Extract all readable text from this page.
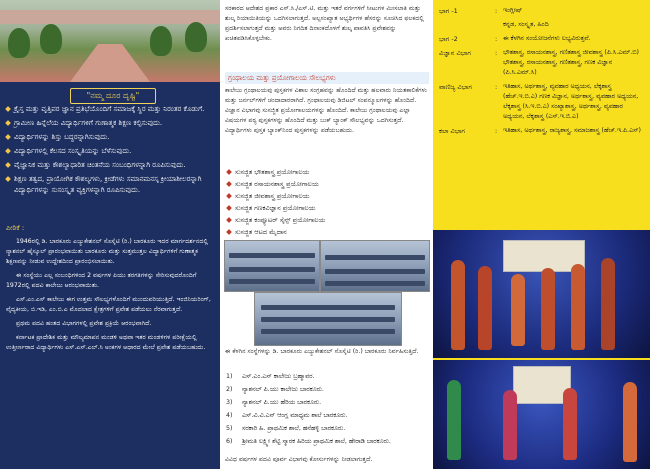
"ನಮ್ಮ ದೂರ ದೃಷ್ಟಿ"
ಕ್ರೈಸ್ತ ಮತ್ತು ವೃತ್ತಿಪರ ಜ್ಞಾನ ಪ್ರತಿಭೆಯೊಂದಿಗೆ ಸಮಾಜಕ್ಕೆ ಸ್ಥಿರ ಮತ್ತು ನಿರಂತರ ಕೊಡುಗೆ.
ಗ್ರಾಮೀಣ ಹಿನ್ನೆಲೆಯ ವಿದ್ಯಾರ್ಥಿಗಳಿಗೆ ಗುಣಾತ್ಮಕ ಶಿಕ್ಷಣ ಕಲ್ಪಿಸುವುದು.
ವಿದ್ಯಾರ್ಥಿಗಳನ್ನು ಶಿಸ್ತು ಬದ್ಧರನ್ನಾಗಿಸುವುದು.
ವಿದ್ಯಾರ್ಥಿಗಳಲ್ಲಿ ಕೆಲಸದ ಸಂಸ್ಕೃತಿಯನ್ನು ಬೆಳೆಸುವುದು.
ವೈಜ್ಞಾನಿಕ ಮತ್ತು ಕೌಶಲ್ಯಾಧಾರಿತ ಚಿಂತನೆಯ ಸಂಬಂಧಿಗಳನ್ನಾಗಿ ರೂಪಿಸುವುದು.
ಶಿಕ್ಷಣ ತತ್ವದ, ಪ್ರಾಯೋಗಿಕ ಕೌಶಲ್ಯಗಳು, ಕ್ರೀಡೆಗಳು ಸಮಾನಮನಸ್ಕ ಕ್ರೀಯಾಶೀಲರನ್ನಾಗಿ ವಿದ್ಯಾರ್ಥಿಗಳನ್ನು ಸುಸಂಸ್ಕೃತ ವ್ಯಕ್ತಿಗಳನ್ನಾಗಿ ರೂಪಿಸುವುದು.
ಪೀಠಿಕೆ :

1946ರಲ್ಲಿ ಡಿ. ಬಾರಕೂರು ಎಜ್ಯುಕೇಶನಲ್ ಸೊಸೈಟಿ (ರಿ.) ಬಾರಕೂರು ಇದರ ಮಾರ್ಗದರ್ಶನದಲ್ಲಿ ನ್ಯಾಶನಲ್ ಹೈಸ್ಕೂಲ್ ಪ್ರಾರಂಭವಾಯಿತು ಬಾರಕೂರು ಮತ್ತು ಸುತ್ತಮುತ್ತಲ ವಿದ್ಯಾರ್ಥಿಗಳಿಗೆ ಗುಣಾತ್ಮಕ ಶಿಕ್ಷಣವನ್ನು ನೀಡುವ ಉದ್ದೇಶದಿಂದ ಪ್ರಾರಂಭಿಸಲಾಯಿತು.

ಈ ಸಂಸ್ಥೆಯು ಎಲ್ಲ ಸಂಬಂಧಿಗಳಿಂದ 2 ವರ್ಷಗಳ ಪಿಯು ತರಗತಿಗಳನ್ನು ಸೇರಿಸುವುದರೊಂದಿಗೆ 1972ರಲ್ಲಿ ಪದವಿ ಕಾಲೇಜು ಆರಂಭವಾಯಿತು.

ಎಸ್.ಎಂ.ಎಸ್ ಕಾಲೇಜು ಈಗ ಉತ್ತಮ ಸೌಲಭ್ಯಗಳೊಂದಿಗೆ ಮುಂದುವರಿಯುತ್ತಿದೆ. ಇಂಜಿನಿಯರಿಂಗ್, ವೈದ್ಯಕೀಯ, ಬಿ.ಇಡಿ, ಎಂ.ಬಿ.ಎ ಮೊದಲಾದ ಕ್ಷೇತ್ರಗಳಿಗೆ ಪ್ರವೇಶ ಪಡೆಯಲು ನೆರವಾಗುತ್ತದೆ.

ಪ್ರಥಮ ಪದವಿ ಹಂತದ ವಿಭಾಗಗಳಲ್ಲಿ ಪ್ರವೇಶ ಪ್ರಕ್ರಿಯೆ ಆರಂಭವಾಗಿದೆ.

ಕರ್ನಾಟಕ ಪ್ರಾದೇಶಿಕ ಮತ್ತು ಮೌಲ್ಯಮಾಪನ ಮಂಡಳಿ ಅಥವಾ ಇತರ ಮಂಡಳಿಗಳ ಪರೀಕ್ಷೆಯಲ್ಲಿ ಉತ್ತೀರ್ಣರಾದ ವಿದ್ಯಾರ್ಥಿಗಳು ಎಸ್.ಎಸ್.ಎಲ್.ಸಿ ಅಂಕಗಳ ಆಧಾರದ ಮೇಲೆ ಪ್ರವೇಶ ಪಡೆಯಬಹುದು.

ಸರಕಾರದ ಆದೇಶದ ಪ್ರಕಾರ ಎಸ್.ಸಿ./ಎಸ್.ಟಿ. ಮತ್ತು ಇತರೆ ವರ್ಗಗಳಿಗೆ ಸೀಟುಗಳ ಮೀಸಲಾತಿ ಮತ್ತು ಶುಲ್ಕ ರಿಯಾಯಿತಿಯನ್ನು ಒದಗಿಸಲಾಗುತ್ತದೆ. ಅಲ್ಪಸಂಖ್ಯಾತ ಅಭ್ಯರ್ಥಿಗಳ ಹೆಸರನ್ನು ಸೂಚಿಸಿದ ಫಲಕದಲ್ಲಿ ಪ್ರದರ್ಶಿಸಲಾಗುತ್ತದೆ ಮತ್ತು ಅವರು ನಿಗದಿತ ದಿನಾಂಕದೊಳಗೆ ಶುಲ್ಕ ಪಾವತಿಸಿ ಪ್ರವೇಶವನ್ನು ಖಚಿತಪಡಿಸಿಕೊಳ್ಳಬೇಕು.
ಗ್ರಂಥಾಲಯ ಮತ್ತು ಪ್ರಯೋಗಾಲಯ ಸೌಲಭ್ಯಗಳು
ಕಾಲೇಜು ಗ್ರಂಥಾಲಯವು ಪುಸ್ತಕಗಳ ವಿಶಾಲ ಸಂಗ್ರಹವನ್ನು ಹೊಂದಿದೆ ಮತ್ತು ಹಲವಾರು ನಿಯತಕಾಲಿಕೆಗಳು ಮತ್ತು ಜರ್ನಲ್‌ಗಳಿಗೆ ಚಂದಾದಾರರಾಗಿದೆ. ಗ್ರಂಥಾಲಯವು ಡಿಜಿಟಲ್ ಸಂಪನ್ಮೂಲಗಳನ್ನು ಹೊಂದಿದೆ. ವಿಜ್ಞಾನ ವಿಭಾಗವು ಸುಸಜ್ಜಿತ ಪ್ರಯೋಗಾಲಯಗಳನ್ನು ಹೊಂದಿದೆ. ಕಾಲೇಜು ಗ್ರಂಥಾಲಯವು ಎಲ್ಲಾ ವಿಷಯಗಳ ಪಠ್ಯ ಪುಸ್ತಕಗಳನ್ನು ಹೊಂದಿದೆ ಮತ್ತು ಬುಕ್ ಬ್ಯಾಂಕ್ ಸೌಲಭ್ಯವನ್ನು ಒದಗಿಸುತ್ತದೆ. ವಿದ್ಯಾರ್ಥಿಗಳು ಪುಸ್ತಕ ಬ್ಯಾಂಕ್‌ನಿಂದ ಪುಸ್ತಕಗಳನ್ನು ಪಡೆಯಬಹುದು.
ಸುಸಜ್ಜಿತ ಭೌತಶಾಸ್ತ್ರ ಪ್ರಯೋಗಾಲಯ
ಸುಸಜ್ಜಿತ ರಸಾಯನಶಾಸ್ತ್ರ ಪ್ರಯೋಗಾಲಯ
ಸುಸಜ್ಜಿತ ಜೀವಶಾಸ್ತ್ರ ಪ್ರಯೋಗಾಲಯ
ಸುಸಜ್ಜಿತ ಗಣಕವಿಜ್ಞಾನ ಪ್ರಯೋಗಾಲಯ
ಸುಸಜ್ಜಿತ ಕಂಪ್ಯೂಟರ್ ಸೈನ್ಸ್ ಪ್ರಯೋಗಾಲಯ
ಸುಸಜ್ಜಿತ ಆಟದ ಮೈದಾನ
ಈ ಕೆಳಗಿನ ಸಂಸ್ಥೆಗಳನ್ನು ಡಿ. ಬಾರಕೂರು ಎಜ್ಯುಕೇಶನಲ್ ಸೊಸೈಟಿ (ರಿ.) ಬಾರಕೂರು ನಿರ್ವಹಿಸುತ್ತಿದೆ.
1)	ಎಸ್.ಎಂ.ಎಸ್ ಕಾಲೇಜು ಬ್ರಹ್ಮಾವರ.
2)	ನ್ಯಾಶನಲ್ ಪಿ.ಯು ಕಾಲೇಜು ಬಾರಕೂರು.
3)	ನ್ಯಾಶನಲ್ ಪಿ.ಯು ಹೆರಿಯ ಬಾರಕೂರು.
4)	ಎಸ್.ವಿ.ವಿ.ಎನ್ ಆಂಗ್ಲ ಮಾಧ್ಯಮ ಶಾಲೆ ಬಾರಕೂರು.
5)	ಸರಕಾರಿ ಹಿ. ಪ್ರಾಥಮಿಕ ಶಾಲೆ, ಹನೆಹಳ್ಳಿ ಬಾರಕೂರು.
6)	ಶ್ರೀಮತಿ ಲಕ್ಷ್ಮೀ ಶೆಟ್ಟಿ ಸ್ಮಾರಕ ಹಿರಿಯ ಪ್ರಾಥಮಿಕ ಶಾಲೆ, ಹೇರಾಡಿ ಬಾರಕೂರು.
ವಿವಿಧ ವರ್ಷಗಳ ಪದವಿ ಪೂರ್ವ ವಿಭಾಗವು ಕೋರ್ಸುಗಳನ್ನು ನೀಡಲಾಗುತ್ತದೆ.
ಭಾಗ -1	: ಇಂಗ್ಲೀಷ್
ಕನ್ನಡ, ಸಂಸ್ಕೃತ, ಹಿಂದಿ
ಭಾಗ -2	: ಈ ಕೆಳಗಿನ ಸಂಯೋಜನೆಗಳು ಲಭ್ಯವಿರುತ್ತವೆ.
ವಿಜ್ಞಾನ ವಿಭಾಗ	: ಭೌತಶಾಸ್ತ್ರ, ರಸಾಯನಶಾಸ್ತ್ರ, ಗಣಿತಶಾಸ್ತ್ರ ಜೀವಶಾಸ್ತ್ರ (ಪಿ.ಸಿ.ಎಮ್.ಬಿ) ಭೌತಶಾಸ್ತ್ರ, ರಸಾಯನಶಾಸ್ತ್ರ, ಗಣಿತಶಾಸ್ತ್ರ, ಗಣಕ ವಿಜ್ಞಾನ (ಪಿ.ಸಿ.ಎಮ್.ಸಿ)
ವಾಣಿಜ್ಯ ವಿಭಾಗ	: ಇತಿಹಾಸ, ಅರ್ಥಶಾಸ್ತ್ರ, ವ್ಯವಹಾರ ಅಧ್ಯಯನ, ಲೆಕ್ಕಶಾಸ್ತ್ರ (ಹೆಚ್.ಇ.ಬಿ.ಎ) ಗಣಕ ವಿಜ್ಞಾನ, ಅರ್ಥಶಾಸ್ತ್ರ, ವ್ಯವಹಾರ ಅಧ್ಯಯನ, ಲೆಕ್ಕಶಾಸ್ತ್ರ (ಸಿ.ಇ.ಬಿ.ಎ) ಸಂಖ್ಯಾಶಾಸ್ತ್ರ, ಅರ್ಥಶಾಸ್ತ್ರ, ವ್ಯವಹಾರ ಅಧ್ಯಯನ, ಲೆಕ್ಕಶಾಸ್ತ್ರ (ಎಸ್.ಇ.ಬಿ.ಎ)
ಕಲಾ ವಿಭಾಗ	: ಇತಿಹಾಸ, ಅರ್ಥಶಾಸ್ತ್ರ, ರಾಜ್ಯಶಾಸ್ತ್ರ, ಸಮಾಜಶಾಸ್ತ್ರ (ಹೆಚ್.ಇ.ಪಿ.ಎಸ್)
